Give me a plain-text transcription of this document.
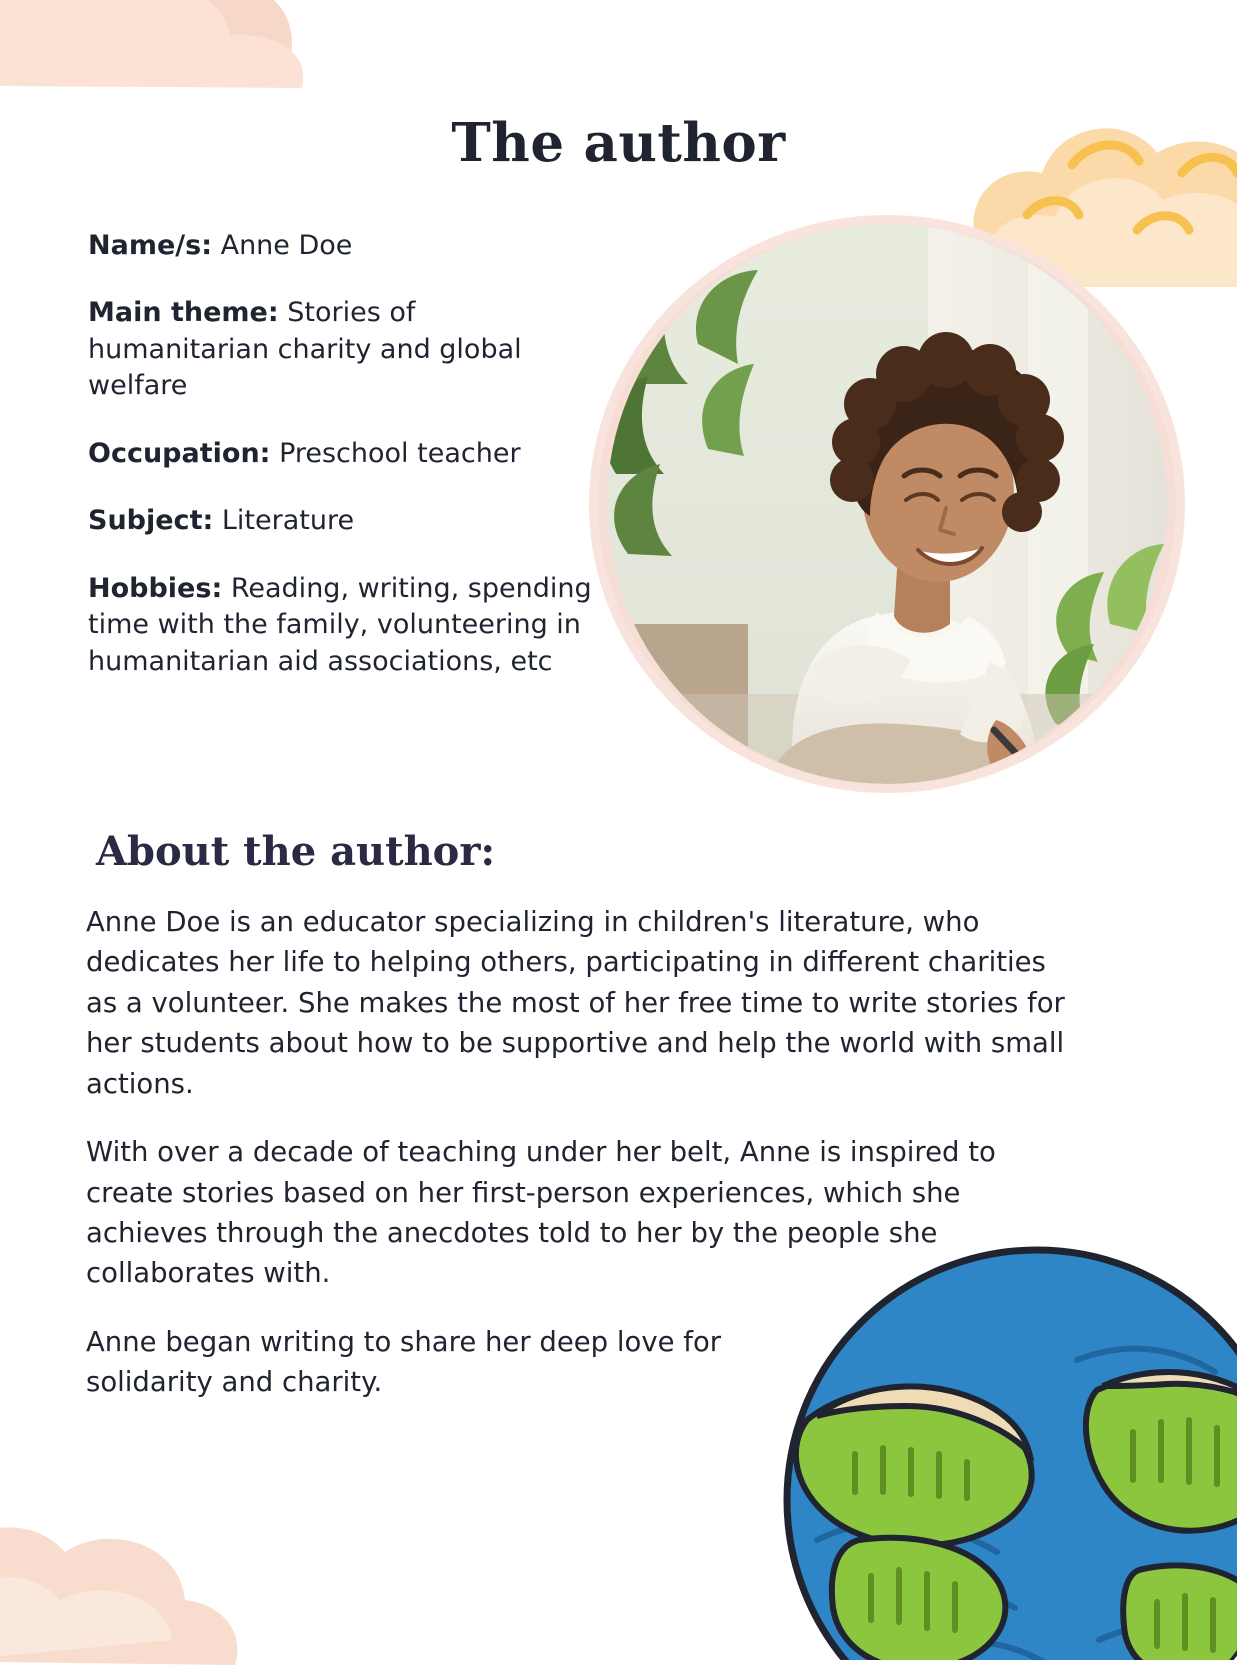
The author
Name/s: Anne Doe
Main theme: Stories of humanitarian charity and global welfare
Occupation: Preschool teacher
Subject: Literature
Hobbies: Reading, writing, spending time with the family, volunteering in humanitarian aid associations, etc
About the author:

Anne Doe is an educator specializing in children's literature, who dedicates her life to helping others, participating in different charities as a volunteer. She makes the most of her free time to write stories for her students about how to be supportive and help the world with small actions.

With over a decade of teaching under her belt, Anne is inspired to create stories based on her first-person experiences, which she achieves through the anecdotes told to her by the people she collaborates with.

Anne began writing to share her deep love for solidarity and charity.
